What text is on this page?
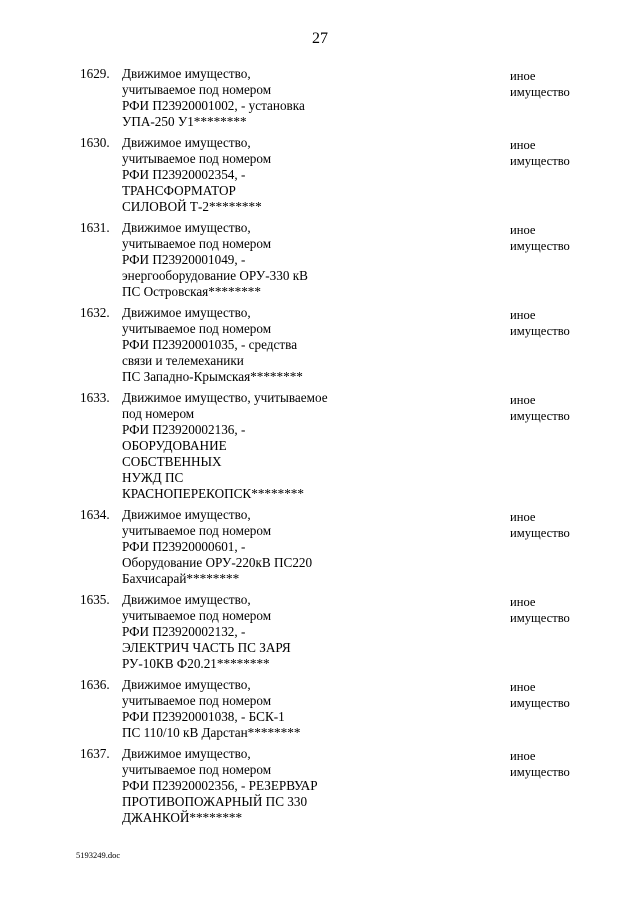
27
1629. Движимое имущество,
учитываемое под номером
РФИ П23920001002, - установка
УПА-250 У1********
иное
имущество
1630. Движимое имущество,
учитываемое под номером
РФИ П23920002354, -
ТРАНСФОРМАТОР
СИЛОВОЙ Т-2********
иное
имущество
1631. Движимое имущество,
учитываемое под номером
РФИ П23920001049, -
энергооборудование ОРУ-330 кВ
ПС Островская********
иное
имущество
1632. Движимое имущество,
учитываемое под номером
РФИ П23920001035, - средства
связи и телемеханики
ПС Западно-Крымская********
иное
имущество
1633. Движимое имущество, учитываемое
под номером
РФИ П23920002136, -
ОБОРУДОВАНИЕ
СОБСТВЕННЫХ
НУЖД ПС
КРАСНОПЕРЕКОПСК********
иное
имущество
1634. Движимое имущество,
учитываемое под номером
РФИ П23920000601, -
Оборудование ОРУ-220кВ ПС220
Бахчисарай********
иное
имущество
1635. Движимое имущество,
учитываемое под номером
РФИ П23920002132, -
ЭЛЕКТРИЧ ЧАСТЬ ПС ЗАРЯ
РУ-10КВ Ф20.21********
иное
имущество
1636. Движимое имущество,
учитываемое под номером
РФИ П23920001038, - БСК-1
ПС 110/10 кВ Дарстан********
иное
имущество
1637. Движимое имущество,
учитываемое под номером
РФИ П23920002356, - РЕЗЕРВУАР
ПРОТИВОПОЖАРНЫЙ ПС 330
ДЖАНКОЙ********
иное
имущество
5193249.doc
